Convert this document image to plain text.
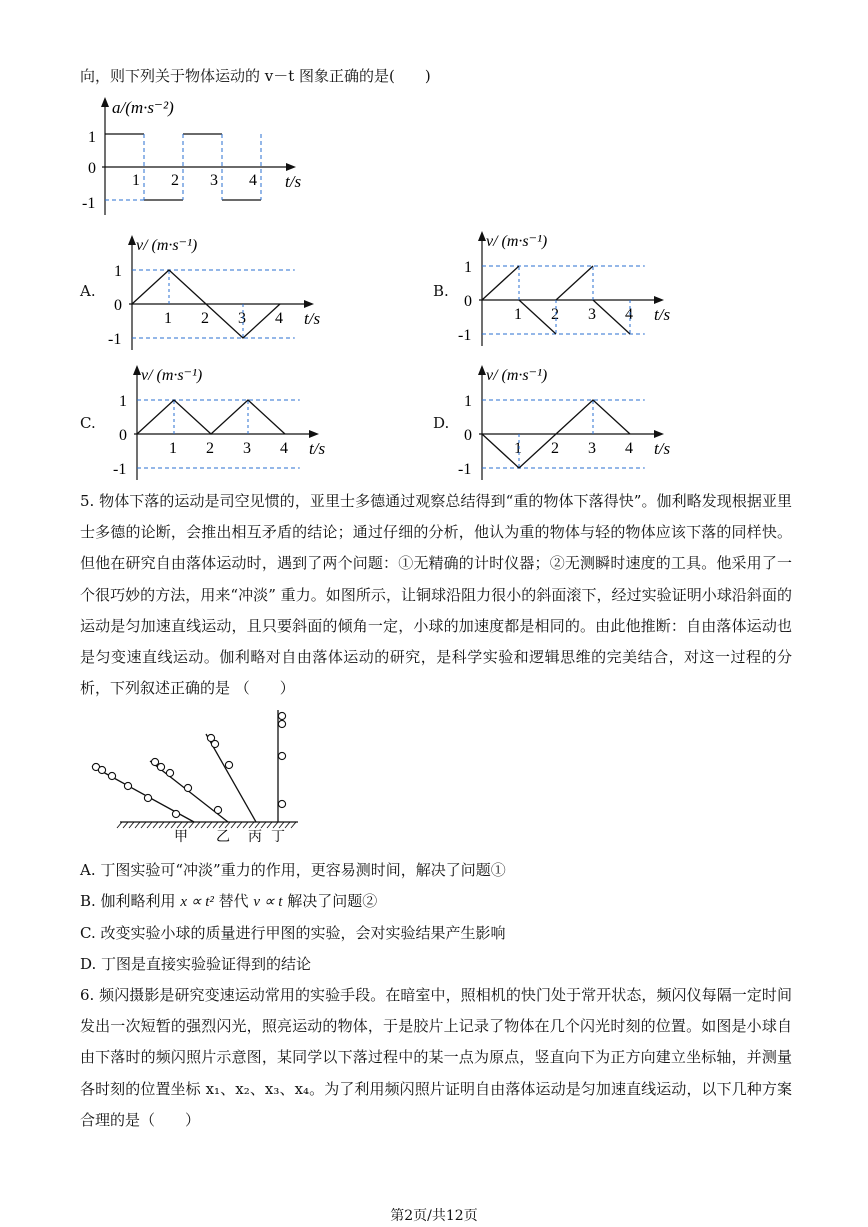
向，则下列关于物体运动的 v－t 图象正确的是(　　)
a/(m·s⁻²)
1
0
-1
t/s
1 2 3 4
A.
v/ (m·s⁻¹)
t/s
1
0
-1
1 2 3 4
B.
v/ (m·s⁻¹)
t/s
1
0
-1
1 2 3 4
C.
v/ (m·s⁻¹)
t/s
1
0
-1
1 2 3 4
D.
v/ (m·s⁻¹)
t/s
1
0
-1
1 2 3 4
5. 物体下落的运动是司空见惯的，亚里士多德通过观察总结得到“重的物体下落得快”。伽利略发现根据亚里士多德的论断，会推出相互矛盾的结论；通过仔细的分析，他认为重的物体与轻的物体应该下落的同样快。但他在研究自由落体运动时，遇到了两个问题：①无精确的计时仪器；②无测瞬时速度的工具。他采用了一个很巧妙的方法，用来“冲淡” 重力。如图所示，让铜球沿阻力很小的斜面滚下，经过实验证明小球沿斜面的运动是匀加速直线运动，且只要斜面的倾角一定，小球的加速度都是相同的。由此他推断：自由落体运动也是匀变速直线运动。伽利略对自由落体运动的研究，是科学实验和逻辑思维的完美结合，对这一过程的分析，下列叙述正确的是 （　　）
甲 乙 丙 丁
A. 丁图实验可“冲淡”重力的作用，更容易测时间，解决了问题①
B. 伽利略利用 x ∝ t² 替代 v ∝ t 解决了问题②
C. 改变实验小球的质量进行甲图的实验，会对实验结果产生影响
D. 丁图是直接实验验证得到的结论
6. 频闪摄影是研究变速运动常用的实验手段。在暗室中，照相机的快门处于常开状态，频闪仪每隔一定时间发出一次短暂的强烈闪光，照亮运动的物体，于是胶片上记录了物体在几个闪光时刻的位置。如图是小球自由下落时的频闪照片示意图，某同学以下落过程中的某一点为原点，竖直向下为正方向建立坐标轴，并测量各时刻的位置坐标 x₁、x₂、x₃、x₄。为了利用频闪照片证明自由落体运动是匀加速直线运动，以下几种方案合理的是（　　）
第2页/共12页
